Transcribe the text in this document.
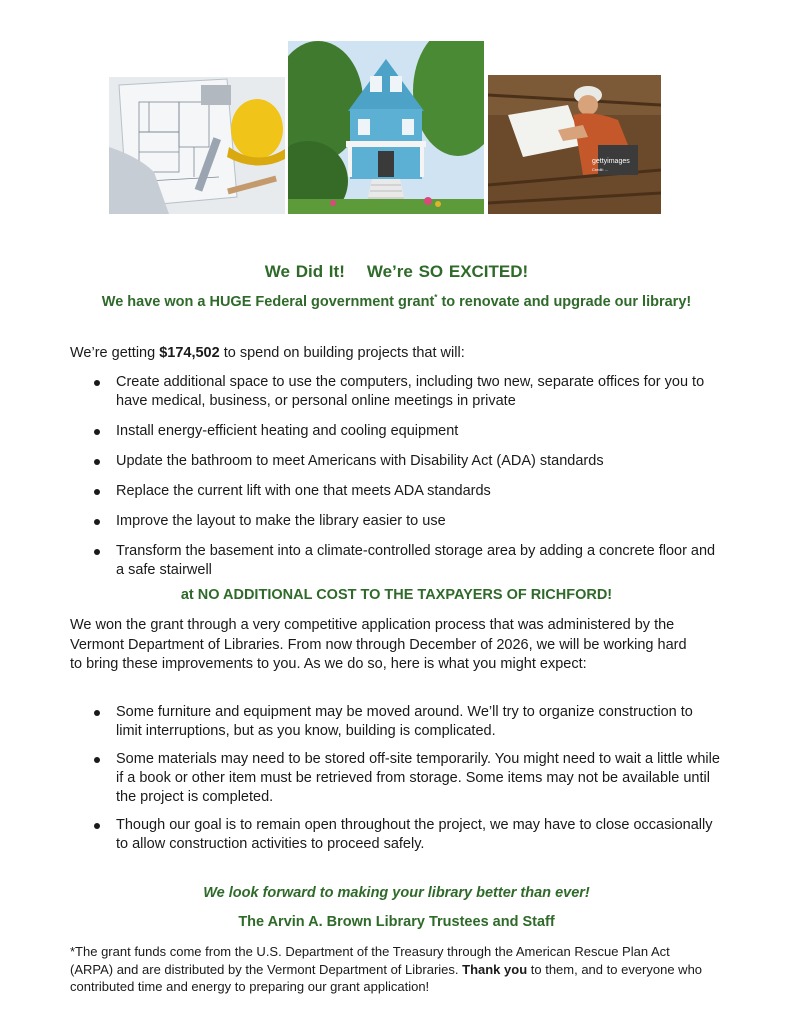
gettyimages
Credit: ...
We Did It! We’re SO EXCITED!
We have won a HUGE Federal government grant* to renovate and upgrade our library!
We’re getting $174,502 to spend on building projects that will:
Create additional space to use the computers, including two new, separate offices for you to have medical, business, or personal online meetings in private
Install energy-efficient heating and cooling equipment
Update the bathroom to meet Americans with Disability Act (ADA) standards
Replace the current lift with one that meets ADA standards
Improve the layout to make the library easier to use
Transform the basement into a climate-controlled storage area by adding a concrete floor and a safe stairwell
at NO ADDITIONAL COST TO THE TAXPAYERS OF RICHFORD!
We won the grant through a very competitive application process that was administered by the Vermont Department of Libraries. From now through December of 2026, we will be working hard to bring these improvements to you. As we do so, here is what you might expect:
Some furniture and equipment may be moved around. We’ll try to organize construction to limit interruptions, but as you know, building is complicated.
Some materials may need to be stored off-site temporarily. You might need to wait a little while if a book or other item must be retrieved from storage. Some items may not be available until the project is completed.
Though our goal is to remain open throughout the project, we may have to close occasionally to allow construction activities to proceed safely.
We look forward to making your library better than ever!
The Arvin A. Brown Library Trustees and Staff
*The grant funds come from the U.S. Department of the Treasury through the American Rescue Plan Act (ARPA) and are distributed by the Vermont Department of Libraries. Thank you to them, and to everyone who contributed time and energy to preparing our grant application!
